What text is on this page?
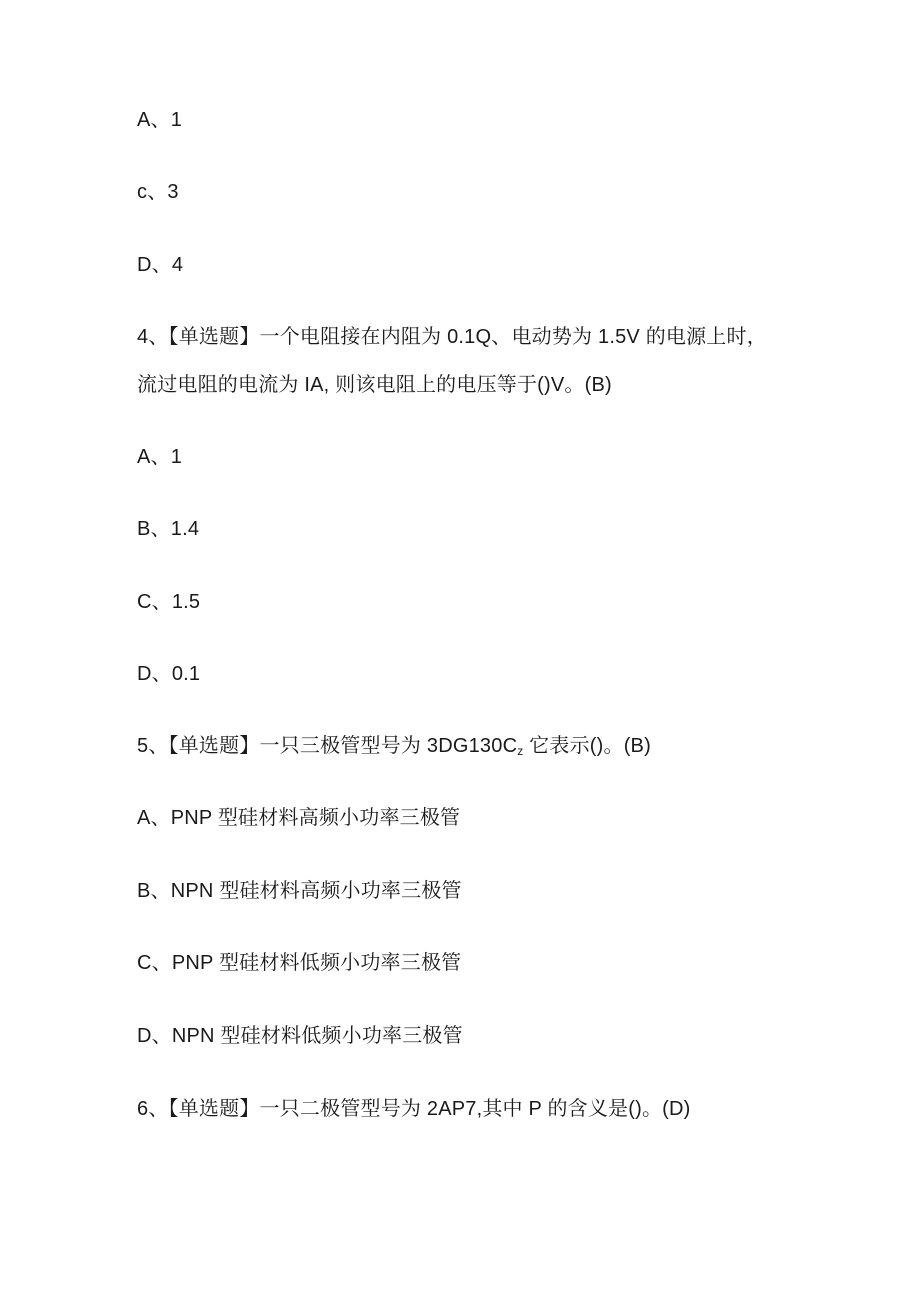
A、1
c、3
D、4
4、【单选题】一个电阻接在内阻为 0.1Q、电动势为 1.5V 的电源上时，
流过电阻的电流为 IA, 则该电阻上的电压等于()V。(B)
A、1
B、1.4
C、1.5
D、0.1
5、【单选题】一只三极管型号为 $3DG130C_z$ 它表示()。(B)
A、PNP 型硅材料高频小功率三极管
B、NPN 型硅材料高频小功率三极管
C、PNP 型硅材料低频小功率三极管
D、NPN 型硅材料低频小功率三极管
6、【单选题】一只二极管型号为 2AP7,其中 P 的含义是()。(D)
